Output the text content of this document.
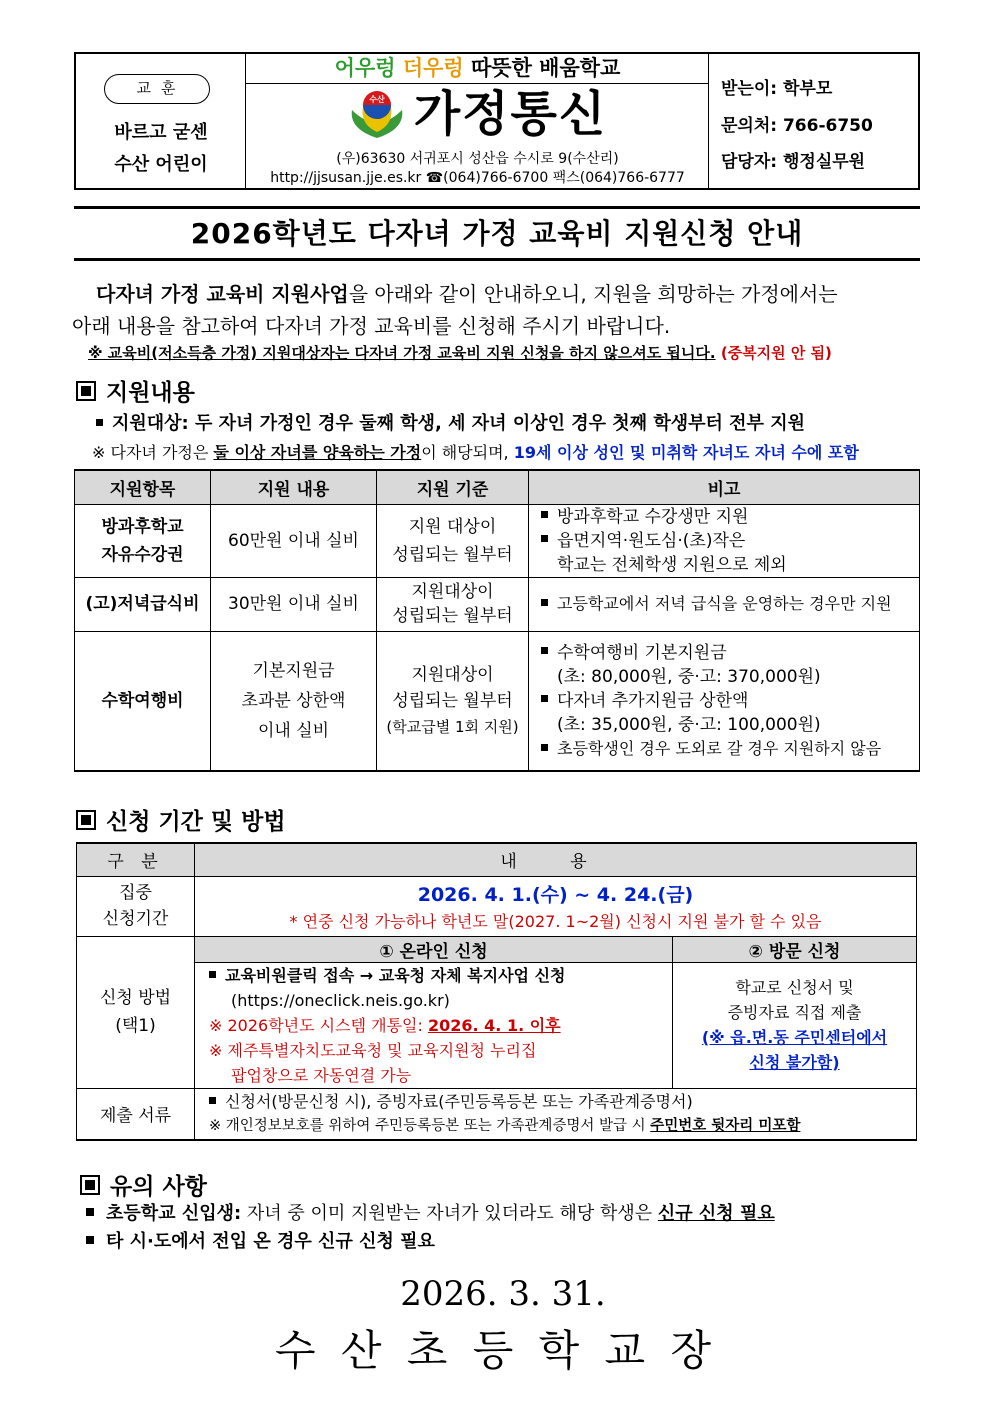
교훈
바르고 굳센
수산 어린이
어우렁 더우렁 따뜻한 배움학교
수산 가정통신
(우)63630 서귀포시 성산읍 수시로 9(수산리)
http://jjsusan.jje.es.kr ☎(064)766-6700 팩스(064)766-6777
받는이: 학부모
문의처: 766-6750
담당자: 행정실무원
2026학년도 다자녀 가정 교육비 지원신청 안내
다자녀 가정 교육비 지원사업을 아래와 같이 안내하오니, 지원을 희망하는 가정에서는
아래 내용을 참고하여 다자녀 가정 교육비를 신청해 주시기 바랍니다.
※ 교육비(저소득층 가정) 지원대상자는 다자녀 가정 교육비 지원 신청을 하지 않으셔도 됩니다. (중복지원 안 됨)
지원내용
지원대상: 두 자녀 가정인 경우 둘째 학생, 세 자녀 이상인 경우 첫째 학생부터 전부 지원
※ 다자녀 가정은 둘 이상 자녀를 양육하는 가정이 해당되며, 19세 이상 성인 및 미취학 자녀도 자녀 수에 포함
지원항목	지원 내용	지원 기준	비고

방과후학교
자유수강권	60만원 이내 실비	지원 대상이
성립되는 월부터	방과후학교 수강생만 지원
읍면지역·원도심·(초)작은
학교는 전체학생 지원으로 제외

(고)저녁급식비	30만원 이내 실비	지원대상이
성립되는 월부터	고등학교에서 저녁 급식을 운영하는 경우만 지원
수학여행비	기본지원금
초과분 상한액
이내 실비	지원대상이
성립되는 월부터
(학교급별 1회 지원)	수학여행비 기본지원금
(초: 80,000원, 중·고: 370,000원)
다자녀 추가지원금 상한액
(초: 35,000원, 중·고: 100,000원)
초등학생인 경우 도외로 갈 경우 지원하지 않음
신청 기간 및 방법
구 분	내 용	

집중
신청기간	2026. 4. 1.(수) ~ 4. 24.(금)
* 연중 신청 가능하나 학년도 말(2027. 1~2월) 신청시 지원 불가 할 수 있음	

신청 방법
(택1)	① 온라인 신청	② 방문 신청

	교육비원클릭 접속 → 교육청 자체 복지사업 신청
(https://oneclick.neis.go.kr)
※ 2026학년도 시스템 개통일: 2026. 4. 1. 이후
※ 제주특별자치도교육청 및 교육지원청 누리집
팝업창으로 자동연결 가능	학교로 신청서 및
증빙자료 직접 제출
(※ 읍.면.동 주민센터에서
신청 불가함)

제출 서류	신청서(방문신청 시), 증빙자료(주민등록등본 또는 가족관계증명서)
※ 개인정보보호를 위하여 주민등록등본 또는 가족관계증명서 발급 시 주민번호 뒷자리 미포함	
유의 사항
초등학교 신입생: 자녀 중 이미 지원받는 자녀가 있더라도 해당 학생은 신규 신청 필요
타 시·도에서 전입 온 경우 신규 신청 필요
2026. 3. 31.
수 산 초 등 학 교 장
